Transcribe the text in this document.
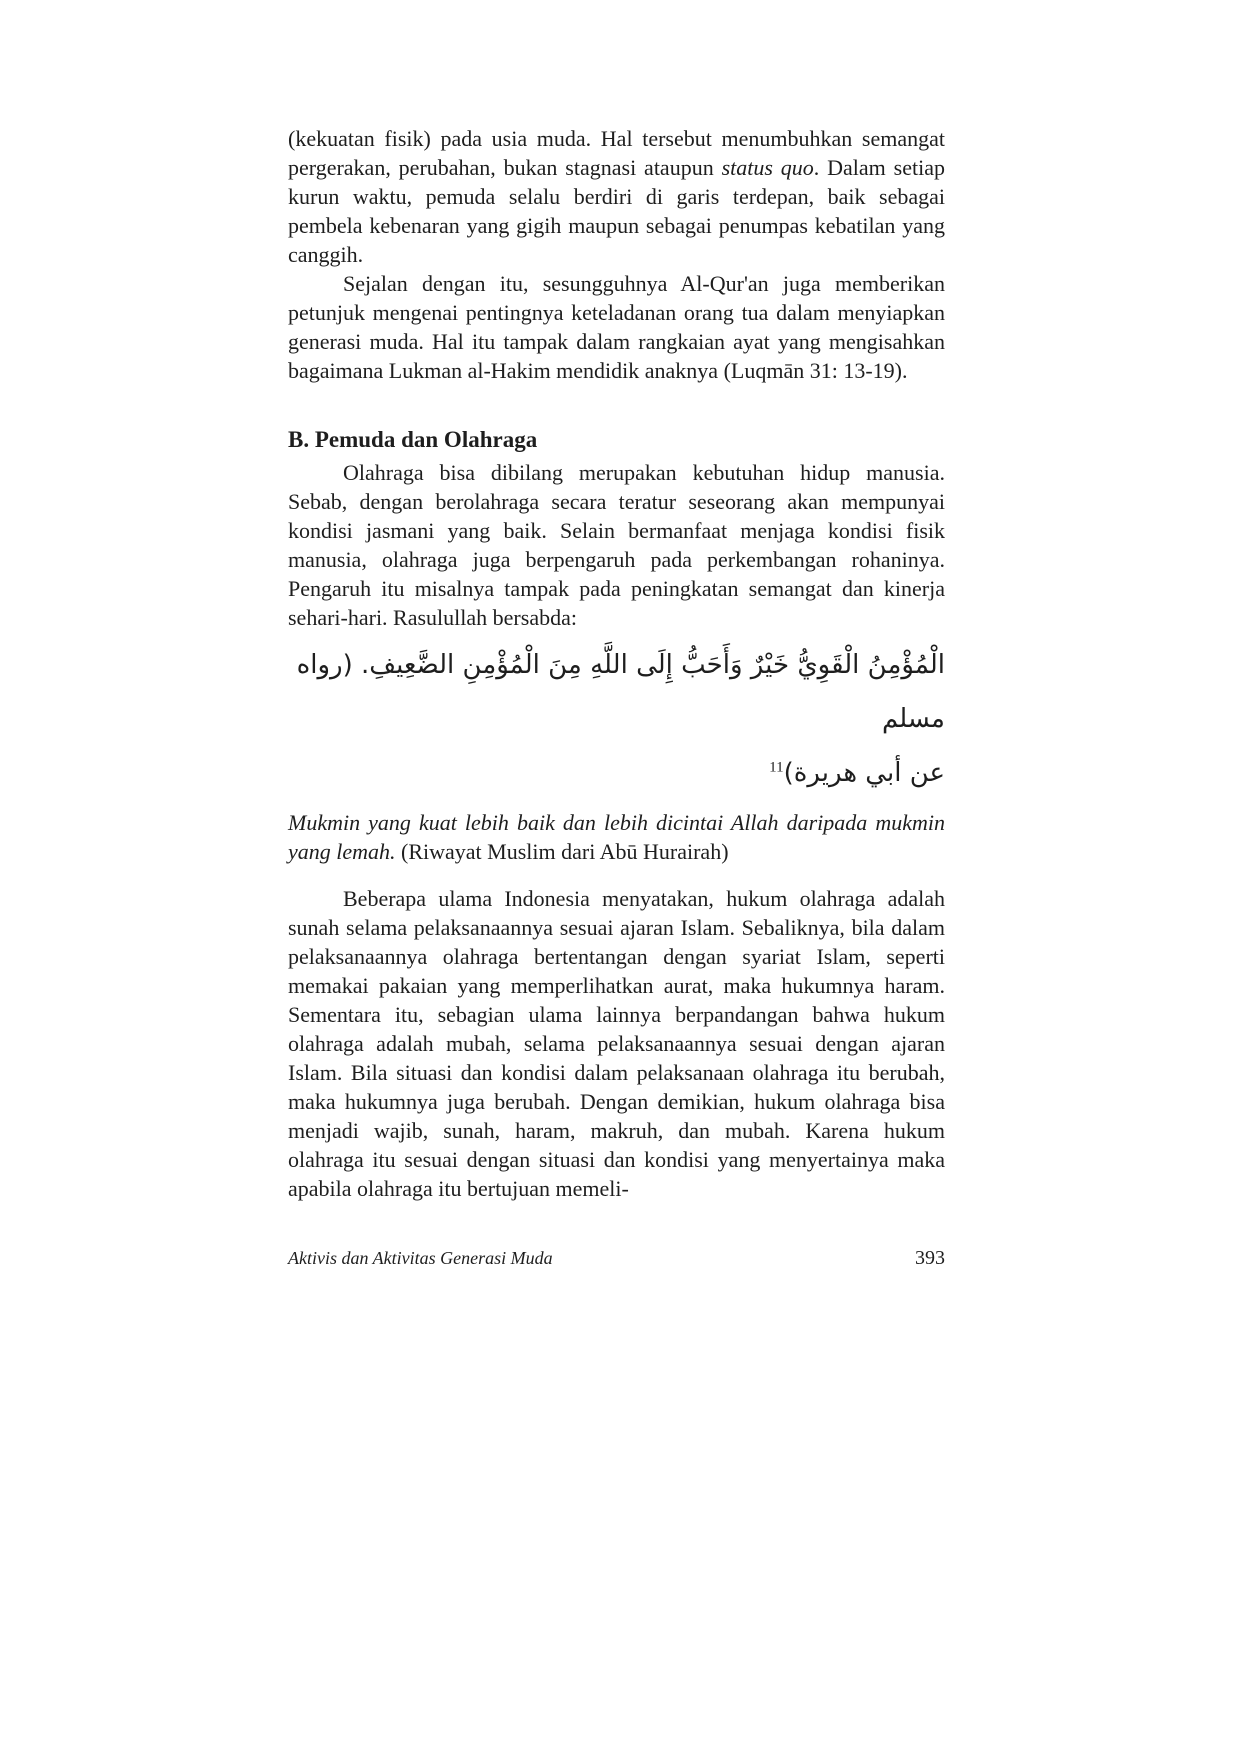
(kekuatan fisik) pada usia muda. Hal tersebut menumbuhkan semangat pergerakan, perubahan, bukan stagnasi ataupun status quo. Dalam setiap kurun waktu, pemuda selalu berdiri di garis terdepan, baik sebagai pembela kebenaran yang gigih maupun sebagai penumpas kebatilan yang canggih.

Sejalan dengan itu, sesungguhnya Al-Qur'an juga memberikan petunjuk mengenai pentingnya keteladanan orang tua dalam menyiapkan generasi muda. Hal itu tampak dalam rangkaian ayat yang mengisahkan bagaimana Lukman al-Hakim mendidik anaknya (Luqmān 31: 13-19).

B. Pemuda dan Olahraga

Olahraga bisa dibilang merupakan kebutuhan hidup manusia. Sebab, dengan berolahraga secara teratur seseorang akan mempunyai kondisi jasmani yang baik. Selain bermanfaat menjaga kondisi fisik manusia, olahraga juga berpengaruh pada perkembangan rohaninya. Pengaruh itu misalnya tampak pada peningkatan semangat dan kinerja sehari-hari. Rasulullah bersabda:

الْمُؤْمِنُ الْقَوِيُّ خَيْرٌ وَأَحَبُّ إِلَى اللَّهِ مِنَ الْمُؤْمِنِ الضَّعِيفِ. (رواه مسلم
عن أبي هريرة)$^{11}$

Mukmin yang kuat lebih baik dan lebih dicintai Allah daripada mukmin yang lemah. (Riwayat Muslim dari Abū Hurairah)

Beberapa ulama Indonesia menyatakan, hukum olahraga adalah sunah selama pelaksanaannya sesuai ajaran Islam. Sebaliknya, bila dalam pelaksanaannya olahraga bertentangan dengan syariat Islam, seperti memakai pakaian yang memperlihatkan aurat, maka hukumnya haram. Sementara itu, sebagian ulama lainnya berpandangan bahwa hukum olahraga adalah mubah, selama pelaksanaannya sesuai dengan ajaran Islam. Bila situasi dan kondisi dalam pelaksanaan olahraga itu berubah, maka hukumnya juga berubah. Dengan demikian, hukum olahraga bisa menjadi wajib, sunah, haram, makruh, dan mubah. Karena hukum olahraga itu sesuai dengan situasi dan kondisi yang menyertainya maka apabila olahraga itu bertujuan memeli-

Aktivis dan Aktivitas Generasi Muda	393
